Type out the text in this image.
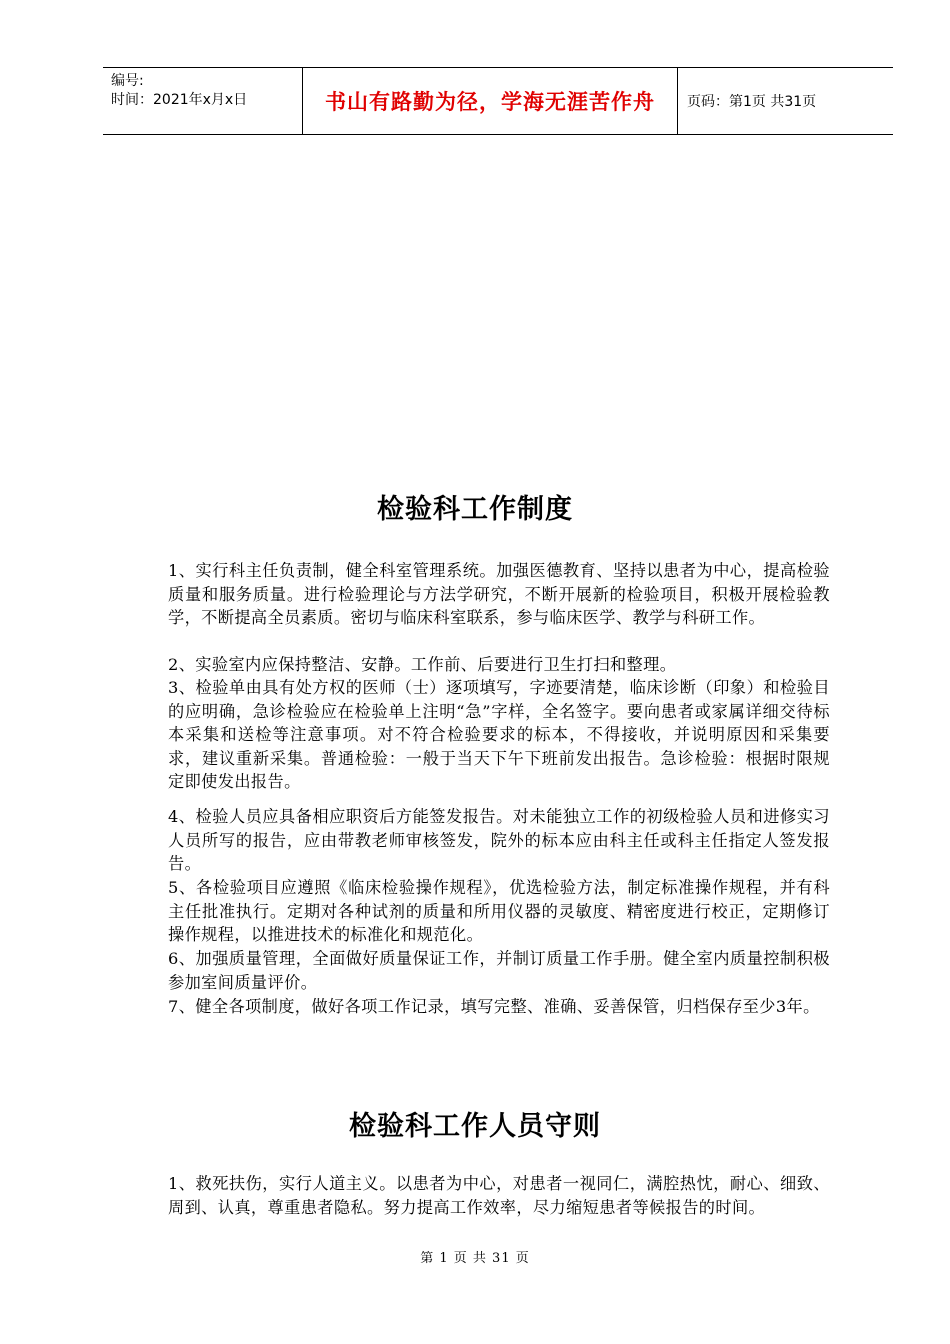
编号:
时间：2021年x月x日	书山有路勤为径，学海无涯苦作舟	页码：第1页 共31页
检验科工作制度
1、实行科主任负责制，健全科室管理系统。加强医德教育、坚持以患者为中心，提高检验质量和服务质量。进行检验理论与方法学研究，不断开展新的检验项目，积极开展检验教学，不断提高全员素质。密切与临床科室联系，参与临床医学、教学与科研工作。
2、实验室内应保持整洁、安静。工作前、后要进行卫生打扫和整理。
3、检验单由具有处方权的医师（士）逐项填写，字迹要清楚，临床诊断（印象）和检验目的应明确，急诊检验应在检验单上注明“急”字样，全名签字。要向患者或家属详细交待标本采集和送检等注意事项。对不符合检验要求的标本，不得接收，并说明原因和采集要求，建议重新采集。普通检验：一般于当天下午下班前发出报告。急诊检验：根据时限规定即使发出报告。
4、检验人员应具备相应职资后方能签发报告。对未能独立工作的初级检验人员和进修实习人员所写的报告，应由带教老师审核签发，院外的标本应由科主任或科主任指定人签发报告。
5、各检验项目应遵照《临床检验操作规程》，优选检验方法，制定标准操作规程，并有科主任批准执行。定期对各种试剂的质量和所用仪器的灵敏度、精密度进行校正，定期修订操作规程，以推进技术的标准化和规范化。
6、加强质量管理，全面做好质量保证工作，并制订质量工作手册。健全室内质量控制积极参加室间质量评价。
7、健全各项制度，做好各项工作记录，填写完整、准确、妥善保管，归档保存至少3年。
检验科工作人员守则
1、救死扶伤，实行人道主义。以患者为中心，对患者一视同仁，满腔热忱，耐心、细致、周到、认真，尊重患者隐私。努力提高工作效率，尽力缩短患者等候报告的时间。
第 1 页 共 31 页
